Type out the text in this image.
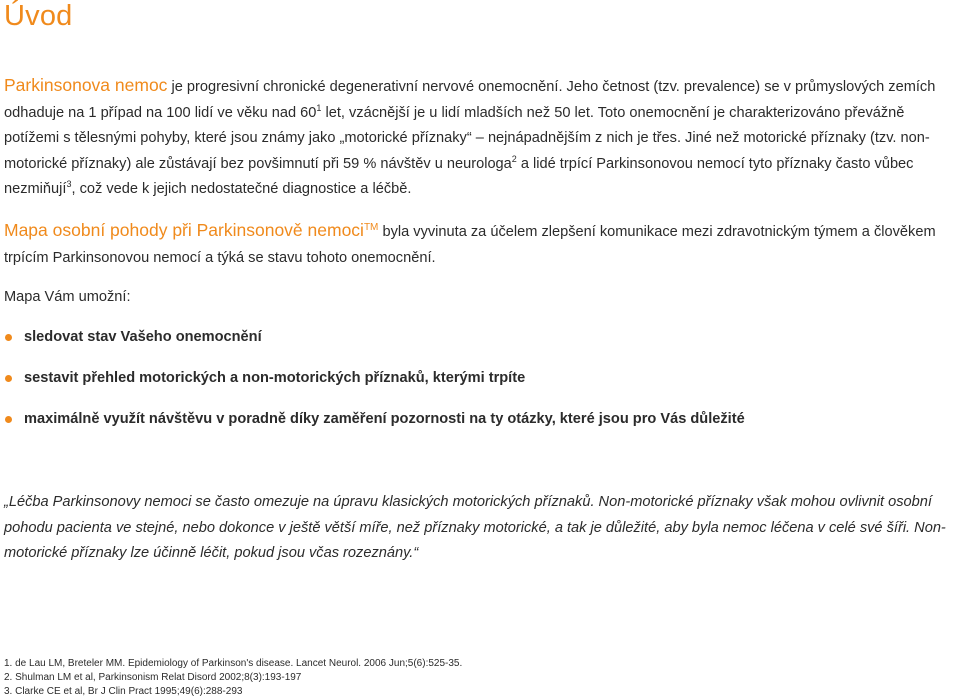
Úvod

Parkinsonova nemoc je progresivní chronické degenerativní nervové onemocnění. Jeho četnost (tzv. prevalence) se v průmyslových zemích odhaduje na 1 případ na 100 lidí ve věku nad $60^1$ let, vzácnější je u lidí mladších než 50 let. Toto onemocnění je charakterizováno převážně potížemi s tělesnými pohyby, které jsou známy jako „motorické příznaky“ – nejnápadnějším z nich je třes. Jiné než motorické příznaky (tzv. non-motorické příznaky) ale zůstávají bez povšimnutí při 59 % návštěv u neurologa$^2$ a lidé trpící Parkinsonovou nemocí tyto příznaky často vůbec nezmiňují$^3$, což vede k jejich nedostatečné diagnostice a léčbě.

Mapa osobní pohody při Parkinsonově nemoci™ byla vyvinuta za účelem zlepšení komunikace mezi zdravotnickým týmem a člověkem trpícím Parkinsonovou nemocí a týká se stavu tohoto onemocnění.

Mapa Vám umožní:

sledovat stav Vašeho onemocnění
sestavit přehled motorických a non-motorických příznaků, kterými trpíte
maximálně využít návštěvu v poradně díky zaměření pozornosti na ty otázky, které jsou pro Vás důležité

„Léčba Parkinsonovy nemoci se často omezuje na úpravu klasických motorických příznaků. Non-motorické příznaky však mohou ovlivnit osobní pohodu pacienta ve stejné, nebo dokonce v ještě větší míře, než příznaky motorické, a tak je důležité, aby byla nemoc léčena v celé své šíři. Non-motorické příznaky lze účinně léčit, pokud jsou včas rozeznány.“

1. de Lau LM, Breteler MM. Epidemiology of Parkinson's disease. Lancet Neurol. 2006 Jun;5(6):525-35.
2. Shulman LM et al, Parkinsonism Relat Disord 2002;8(3):193-197
3. Clarke CE et al, Br J Clin Pract 1995;49(6):288-293
